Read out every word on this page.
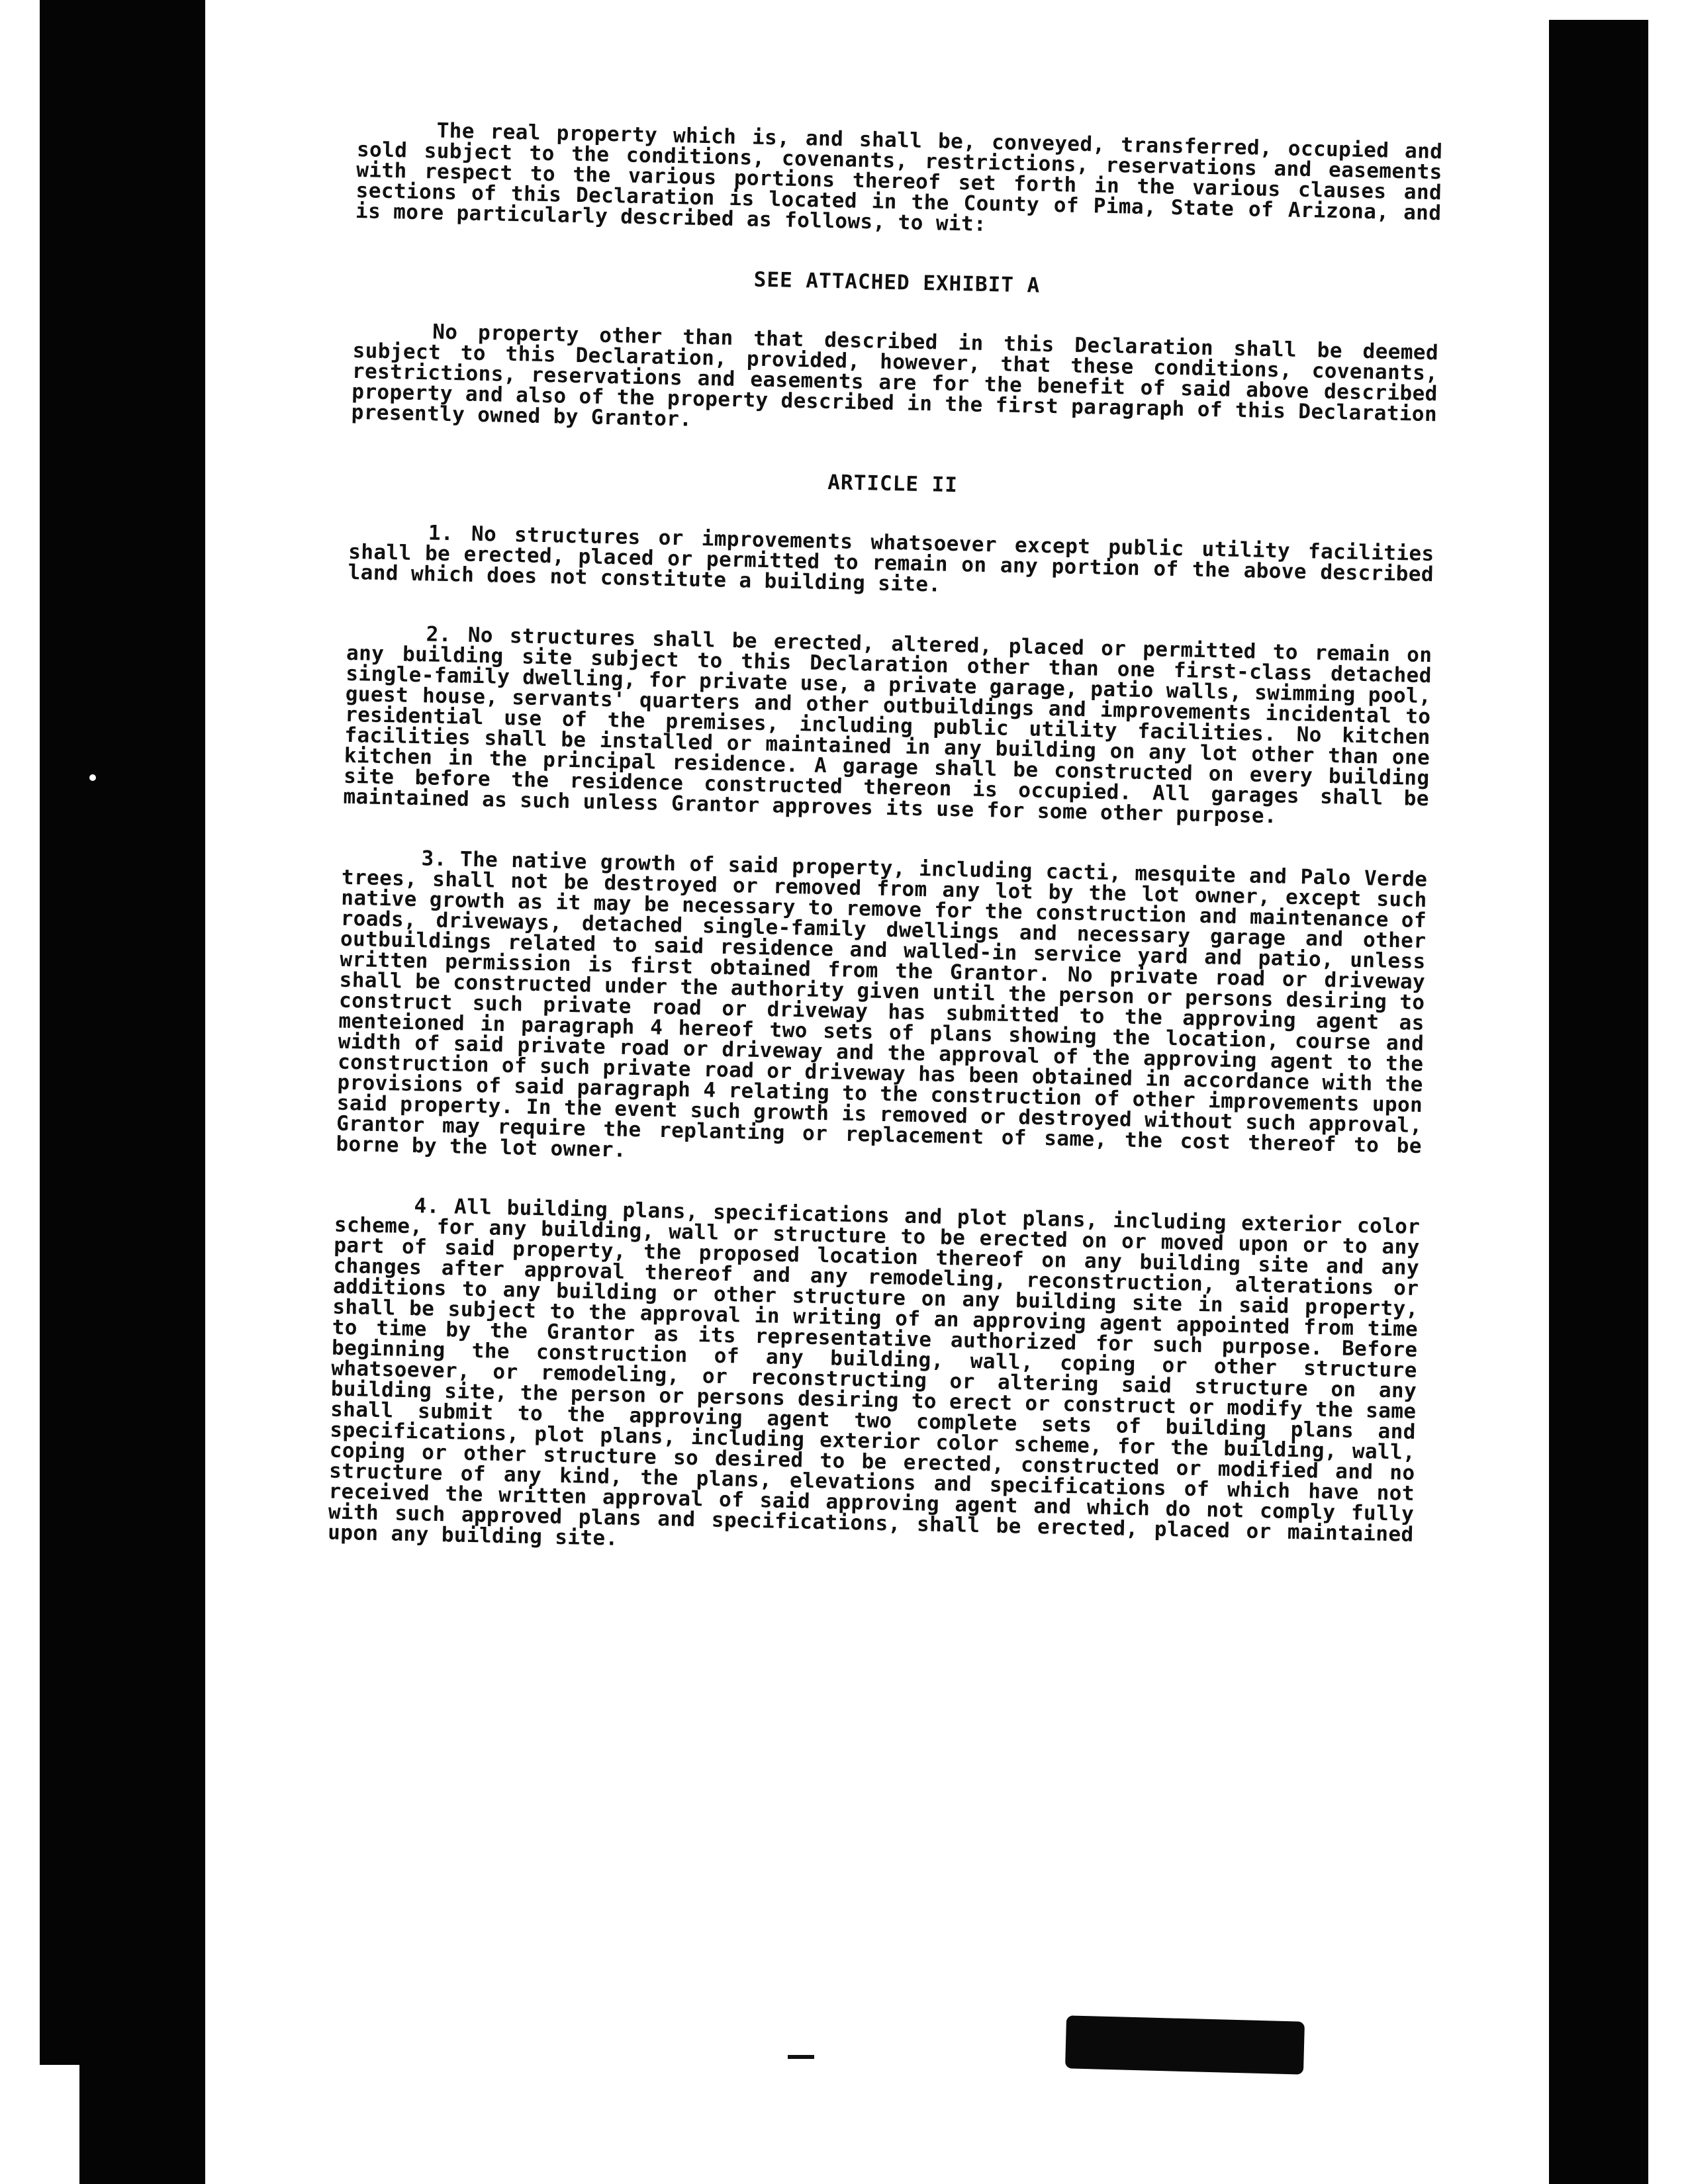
The real property which is, and shall be, conveyed, transferred, occupied and sold subject to the conditions, covenants, restrictions, reservations and easements with respect to the various portions thereof set forth in the various clauses and sections of this Declaration is located in the County of Pima, State of Arizona, and is more particularly described as follows, to wit:

SEE ATTACHED EXHIBIT A

No property other than that described in this Declaration shall be deemed subject to this Declaration, provided, however, that these conditions, covenants, restrictions, reservations and easements are for the benefit of said above described property and also of the property described in the first paragraph of this Declaration presently owned by Grantor.

ARTICLE II

1. No structures or improvements whatsoever except public utility facilities shall be erected, placed or permitted to remain on any portion of the above described land which does not constitute a building site.

2. No structures shall be erected, altered, placed or permitted to remain on any building site subject to this Declaration other than one first-class detached single-family dwelling, for private use, a private garage, patio walls, swimming pool, guest house, servants' quarters and other outbuildings and improvements incidental to residential use of the premises, including public utility facilities. No kitchen facilities shall be installed or maintained in any building on any lot other than one kitchen in the principal residence. A garage shall be constructed on every building site before the residence constructed thereon is occupied. All garages shall be maintained as such unless Grantor approves its use for some other purpose.

3. The native growth of said property, including cacti, mesquite and Palo Verde trees, shall not be destroyed or removed from any lot by the lot owner, except such native growth as it may be necessary to remove for the construction and maintenance of roads, driveways, detached single-family dwellings and necessary garage and other outbuildings related to said residence and walled-in service yard and patio, unless written permission is first obtained from the Grantor. No private road or driveway shall be constructed under the authority given until the person or persons desiring to construct such private road or driveway has submitted to the approving agent as menteioned in paragraph 4 hereof two sets of plans showing the location, course and width of said private road or driveway and the approval of the approving agent to the construction of such private road or driveway has been obtained in accordance with the provisions of said paragraph 4 relating to the construction of other improvements upon said property. In the event such growth is removed or destroyed without such approval, Grantor may require the replanting or replacement of same, the cost thereof to be borne by the lot owner.

4. All building plans, specifications and plot plans, including exterior color scheme, for any building, wall or structure to be erected on or moved upon or to any part of said property, the proposed location thereof on any building site and any changes after approval thereof and any remodeling, reconstruction, alterations or additions to any building or other structure on any building site in said property, shall be subject to the approval in writing of an approving agent appointed from time to time by the Grantor as its representative authorized for such purpose. Before beginning the construction of any building, wall, coping or other structure whatsoever, or remodeling, or reconstructing or altering said structure on any building site, the person or persons desiring to erect or construct or modify the same shall submit to the approving agent two complete sets of building plans and specifications, plot plans, including exterior color scheme, for the building, wall, coping or other structure so desired to be erected, constructed or modified and no structure of any kind, the plans, elevations and specifications of which have not received the written approval of said approving agent and which do not comply fully with such approved plans and specifications, shall be erected, placed or maintained upon any building site.

-	3702-0420
